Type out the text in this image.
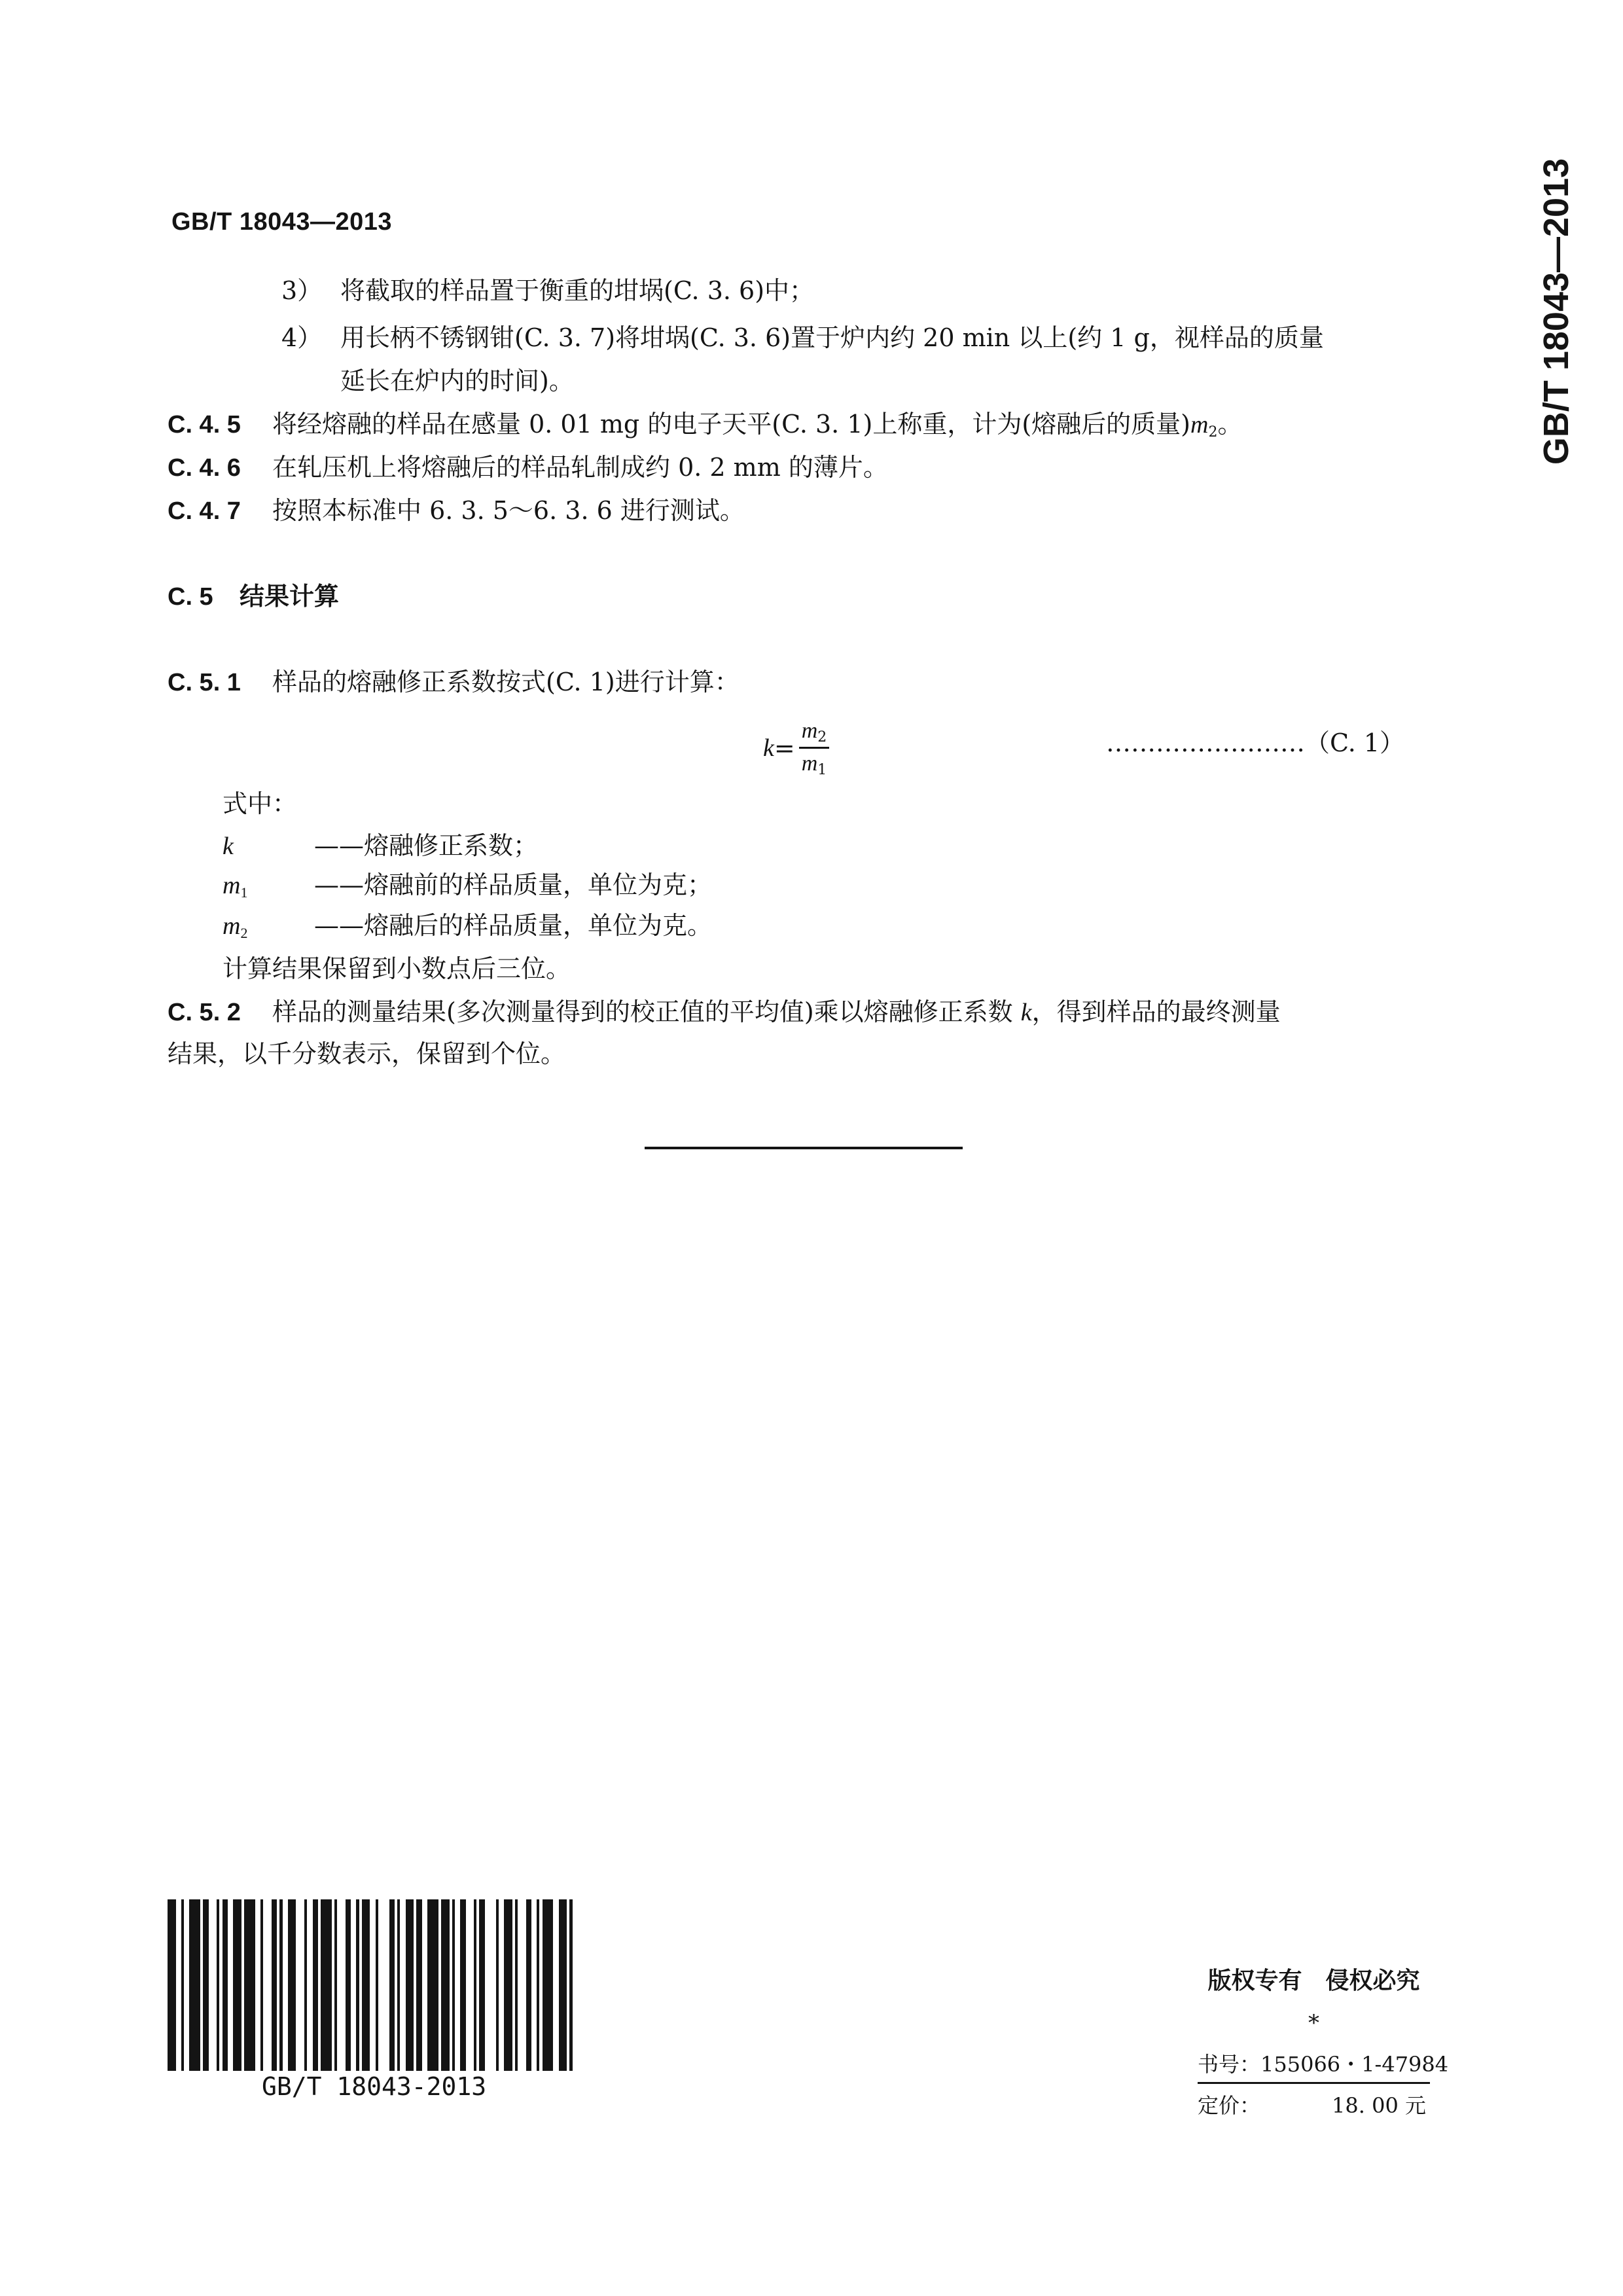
GB/T 18043—2013	GB/T 18043—2013
3） 将截取的样品置于衡重的坩埚(C. 3. 6)中；
4） 用长柄不锈钢钳(C. 3. 7)将坩埚(C. 3. 6)置于炉内约 20 min 以上(约 1 g，视样品的质量
延长在炉内的时间)。
C. 4. 5 将经熔融的样品在感量 0. 01 mg 的电子天平(C. 3. 1)上称重，计为(熔融后的质量)$m_2$。
C. 4. 6 在轧压机上将熔融后的样品轧制成约 0. 2 mm 的薄片。
C. 4. 7 按照本标准中 6. 3. 5～6. 3. 6 进行测试。
C. 5 结果计算
C. 5. 1 样品的熔融修正系数按式(C. 1)进行计算：
$k = \frac{m_2}{m_1}$	……………………（C. 1）
式中：
k	——熔融修正系数；
$m_1$	——熔融前的样品质量，单位为克；
$m_2$	——熔融后的样品质量，单位为克。
计算结果保留到小数点后三位。
C. 5. 2 样品的测量结果(多次测量得到的校正值的平均值)乘以熔融修正系数 k，得到样品的最终测量
结果，以千分数表示，保留到个位。
GB/T 18043-2013
版权专有　侵权必究
*
书号：155066・1-47984
定价：	18. 00 元
